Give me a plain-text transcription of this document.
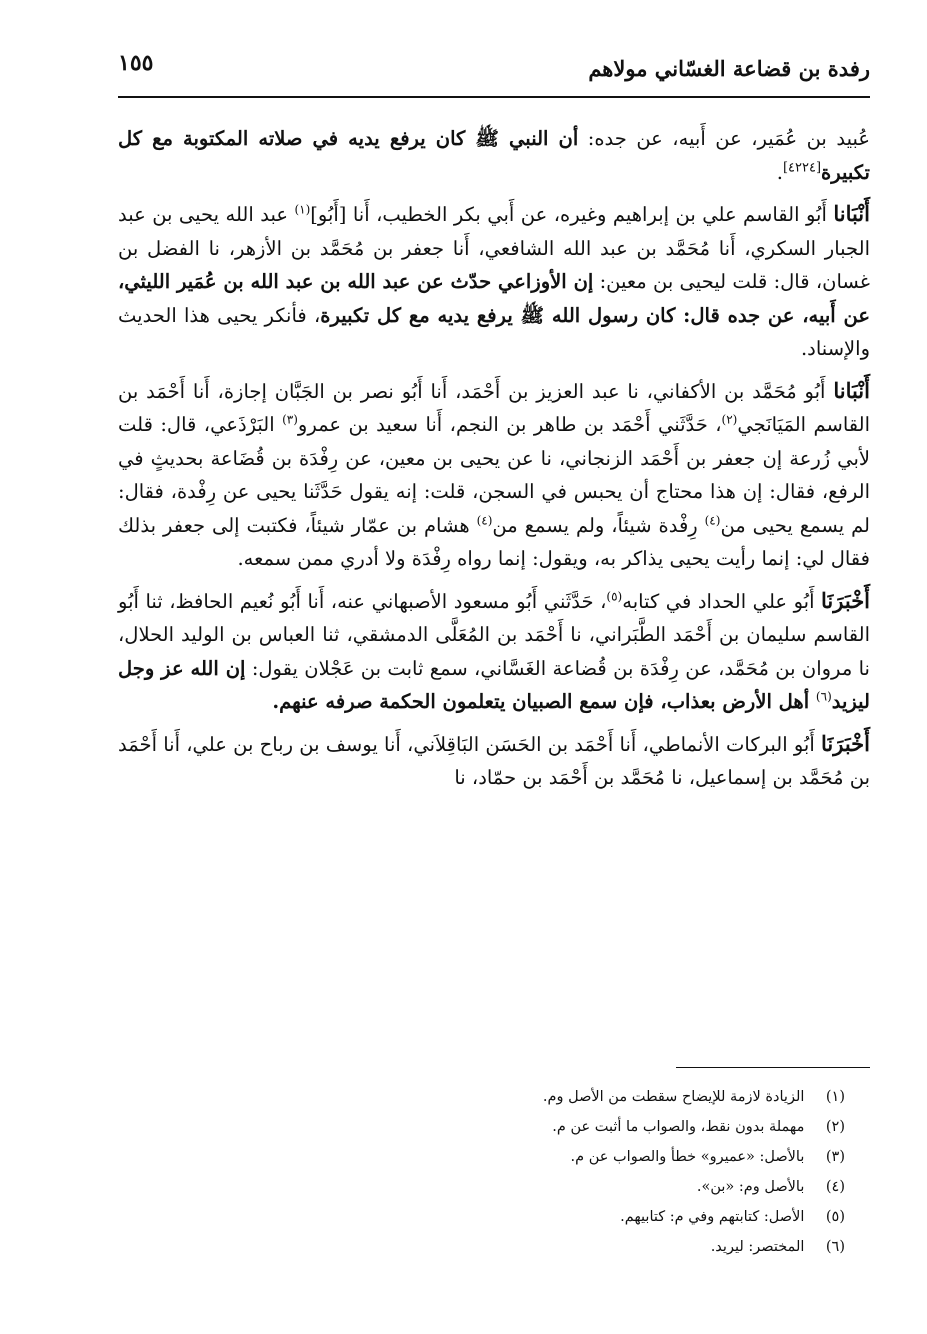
رفدة بن قضاعة الغسّاني مولاهم
١٥٥

عُبيد بن عُمَير، عن أَبيه، عن جده: أن النبي ﷺ كان يرفع يديه في صلاته المكتوبة مع كل تكبيرة[٤٢٢٤].

أَنْبَانا أَبُو القاسم علي بن إبراهيم وغيره، عن أَبي بكر الخطيب، أَنا [أَبُو]$^{(١)}$ عبد الله يحيى بن عبد الجبار السكري، أَنا مُحَمَّد بن عبد الله الشافعي، أَنا جعفر بن مُحَمَّد بن الأزهر، نا الفضل بن غسان، قال: قلت ليحيى بن معين: إن الأوزاعي حدّث عن عبد الله بن عبد الله بن عُمَير الليثي، عن أَبيه، عن جده قال: كان رسول الله ﷺ يرفع يديه مع كل تكبيرة، فأنكر يحيى هذا الحديث والإسناد.

أَنْبَانا أَبُو مُحَمَّد بن الأكفاني، نا عبد العزيز بن أَحْمَد، أَنا أَبُو نصر بن الجَبَّان إجازة، أَنا أَحْمَد بن القاسم المَيَانَجي$^{(٢)}$، حَدَّثَني أَحْمَد بن طاهر بن النجم، أَنا سعيد بن عمرو$^{(٣)}$ البَرْذَعي، قال: قلت لأبي زُرعة إن جعفر بن أَحْمَد الزنجاني، نا عن يحيى بن معين، عن رِفْدَة بن قُضَاعة بحديثٍ في الرفع، فقال: إن هذا محتاج أن يحبس في السجن، قلت: إنه يقول حَدَّثَنا يحيى عن رِفْدة، فقال: لم يسمع يحيى من$^{(٤)}$ رِفْدة شيئاً، ولم يسمع من$^{(٤)}$ هشام بن عمّار شيئاً، فكتبت إلى جعفر بذلك فقال لي: إنما رأيت يحيى يذاكر به، ويقول: إنما رواه رِفْدَة ولا أدري ممن سمعه.

أَخْبَرَنَا أَبُو علي الحداد في كتابه$^{(٥)}$، حَدَّثَني أَبُو مسعود الأصبهاني عنه، أَنا أَبُو نُعيم الحافظ، ثنا أَبُو القاسم سليمان بن أَحْمَد الطَّبَراني، نا أَحْمَد بن المُعَلَّى الدمشقي، ثنا العباس بن الوليد الحلال، نا مروان بن مُحَمَّد، عن رِفْدَة بن قُضاعة الغَسَّاني، سمع ثابت بن عَجْلان يقول: إن الله عز وجل ليزيد$^{(٦)}$ أهل الأرض بعذاب، فإن سمع الصبيان يتعلمون الحكمة صرفه عنهم.

أَخْبَرَنَا أَبُو البركات الأنماطي، أَنا أَحْمَد بن الحَسَن البَاقِلاَني، أَنا يوسف بن رباح بن علي، أَنا أَحْمَد بن مُحَمَّد بن إسماعيل، نا مُحَمَّد بن أَحْمَد بن حمّاد، نا

(١) الزيادة لازمة للإيضاح سقطت من الأصل وم.
(٢) مهملة بدون نقط، والصواب ما أثبت عن م.
(٣) بالأصل: «عميرو» خطأ والصواب عن م.
(٤) بالأصل وم: «بن».
(٥) الأصل: كتابتهم وفي م: كتابيهم.
(٦) المختصر: ليريد.
